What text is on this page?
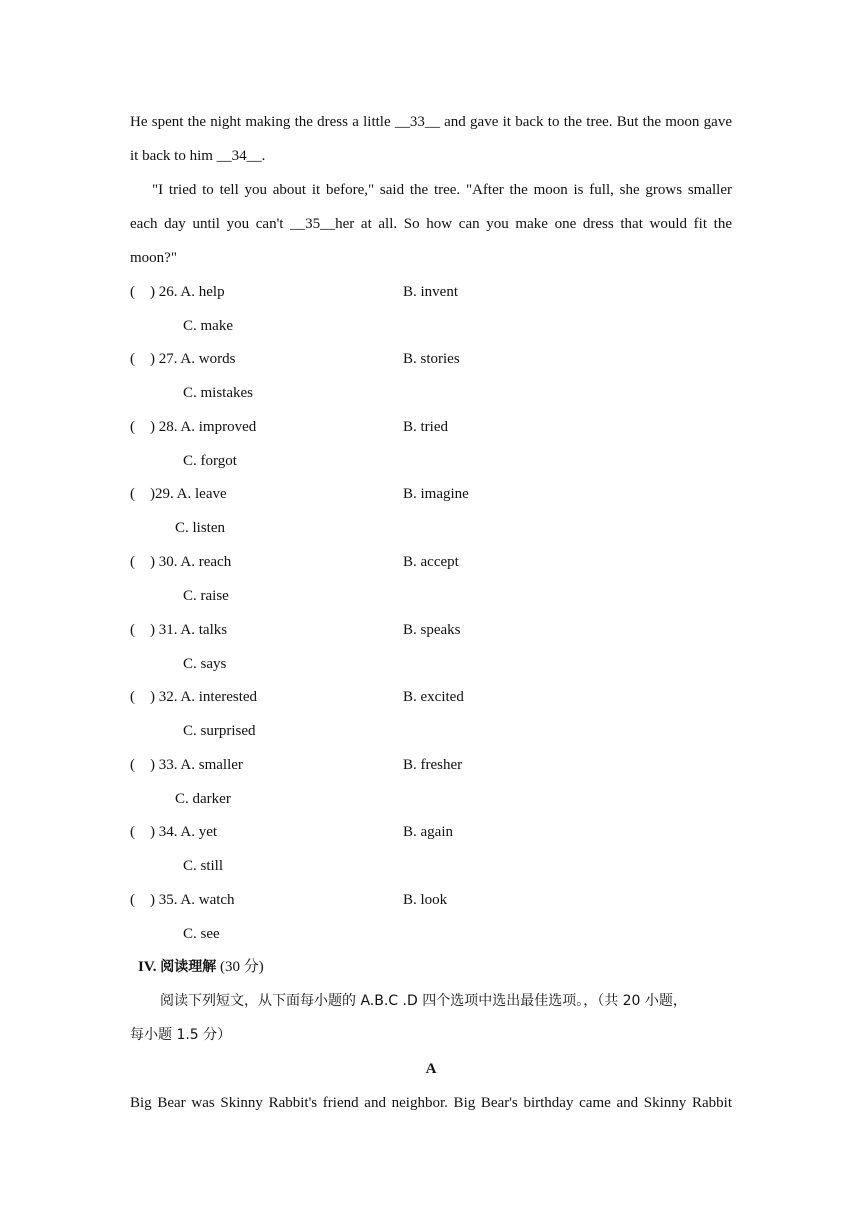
He spent the night making the dress a little __33__ and gave it back to the tree. But the moon gave
it back to him __34__.
"I tried to tell you about it before," said the tree. "After the moon is full, she grows smaller
each day until you can't __35__her at all. So how can you make one dress that would fit the
moon?"
(    ) 26. A. help	B. invent
C. make
(    ) 27. A. words	B. stories
C. mistakes
(    ) 28. A. improved	B. tried
C. forgot
(    )29. A. leave	B. imagine
C. listen
(    ) 30. A. reach	B. accept
C. raise
(    ) 31. A. talks	B. speaks
C. says
(    ) 32. A. interested	B. excited
C. surprised
(    ) 33. A. smaller	B. fresher
C. darker
(    ) 34. A. yet	B. again
C. still
(    ) 35. A. watch	B. look
C. see
IV. 阅读理解 (30 分)
阅读下列短文，从下面每小题的 A.B.C .D 四个选项中选出最佳选项。，（共 20 小题，
每小题 1.5 分）
A
Big Bear was Skinny Rabbit's friend and neighbor. Big Bear's birthday came and Skinny Rabbit
